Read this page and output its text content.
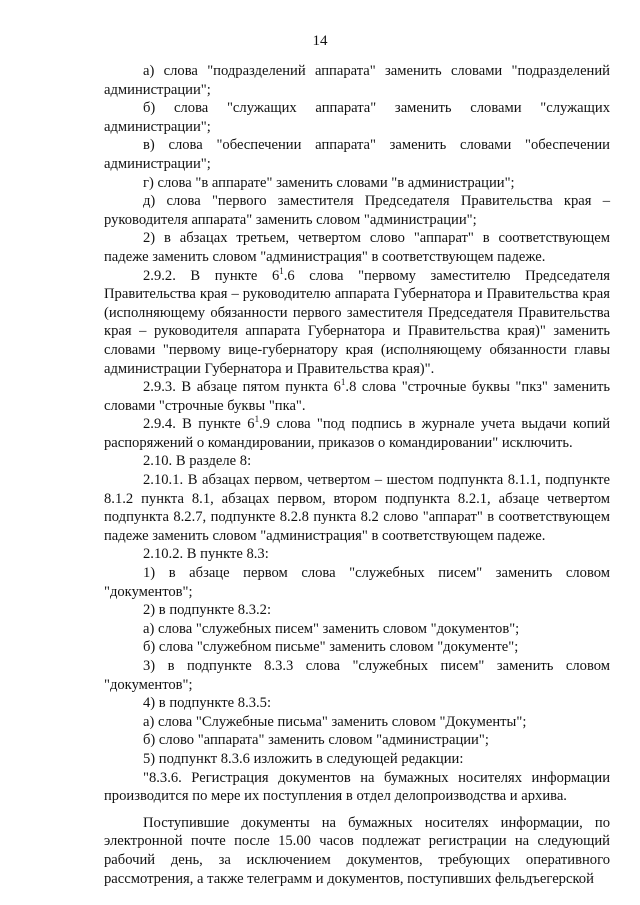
14

а) слова "подразделений аппарата" заменить словами "подразделений администрации";

б) слова "служащих аппарата" заменить словами "служащих администрации";

в) слова "обеспечении аппарата" заменить словами "обеспечении администрации";

г) слова "в аппарате" заменить словами "в администрации";

д) слова "первого заместителя Председателя Правительства края – руководителя аппарата" заменить словом "администрации";

2) в абзацах третьем, четвертом слово "аппарат" в соответствующем падеже заменить словом "администрация" в соответствующем падеже.

2.9.2. В пункте $6^1.6$ слова "первому заместителю Председателя Правительства края – руководителю аппарата Губернатора и Правительства края (исполняющему обязанности первого заместителя Председателя Правительства края – руководителя аппарата Губернатора и Правительства края)" заменить словами "первому вице-губернатору края (исполняющему обязанности главы администрации Губернатора и Правительства края)".

2.9.3. В абзаце пятом пункта $6^1.8$ слова "строчные буквы "пкз" заменить словами "строчные буквы "пка".

2.9.4. В пункте $6^1.9$ слова "под подпись в журнале учета выдачи копий распоряжений о командировании, приказов о командировании" исключить.

2.10. В разделе 8:

2.10.1. В абзацах первом, четвертом – шестом подпункта 8.1.1, подпункте 8.1.2 пункта 8.1, абзацах первом, втором подпункта 8.2.1, абзаце четвертом подпункта 8.2.7, подпункте 8.2.8 пункта 8.2 слово "аппарат" в соответствующем падеже заменить словом "администрация" в соответствующем падеже.

2.10.2. В пункте 8.3:

1) в абзаце первом слова "служебных писем" заменить словом "документов";

2) в подпункте 8.3.2:

а) слова "служебных писем" заменить словом "документов";

б) слова "служебном письме" заменить словом "документе";

3) в подпункте 8.3.3 слова "служебных писем" заменить словом "документов";

4) в подпункте 8.3.5:

а) слова "Служебные письма" заменить словом "Документы";

б) слово "аппарата" заменить словом "администрации";

5) подпункт 8.3.6 изложить в следующей редакции:

"8.3.6. Регистрация документов на бумажных носителях информации производится по мере их поступления в отдел делопроизводства и архива.

Поступившие документы на бумажных носителях информации, по электронной почте после 15.00 часов подлежат регистрации на следующий рабочий день, за исключением документов, требующих оперативного рассмотрения, а также телеграмм и документов, поступивших фельдъегерской
